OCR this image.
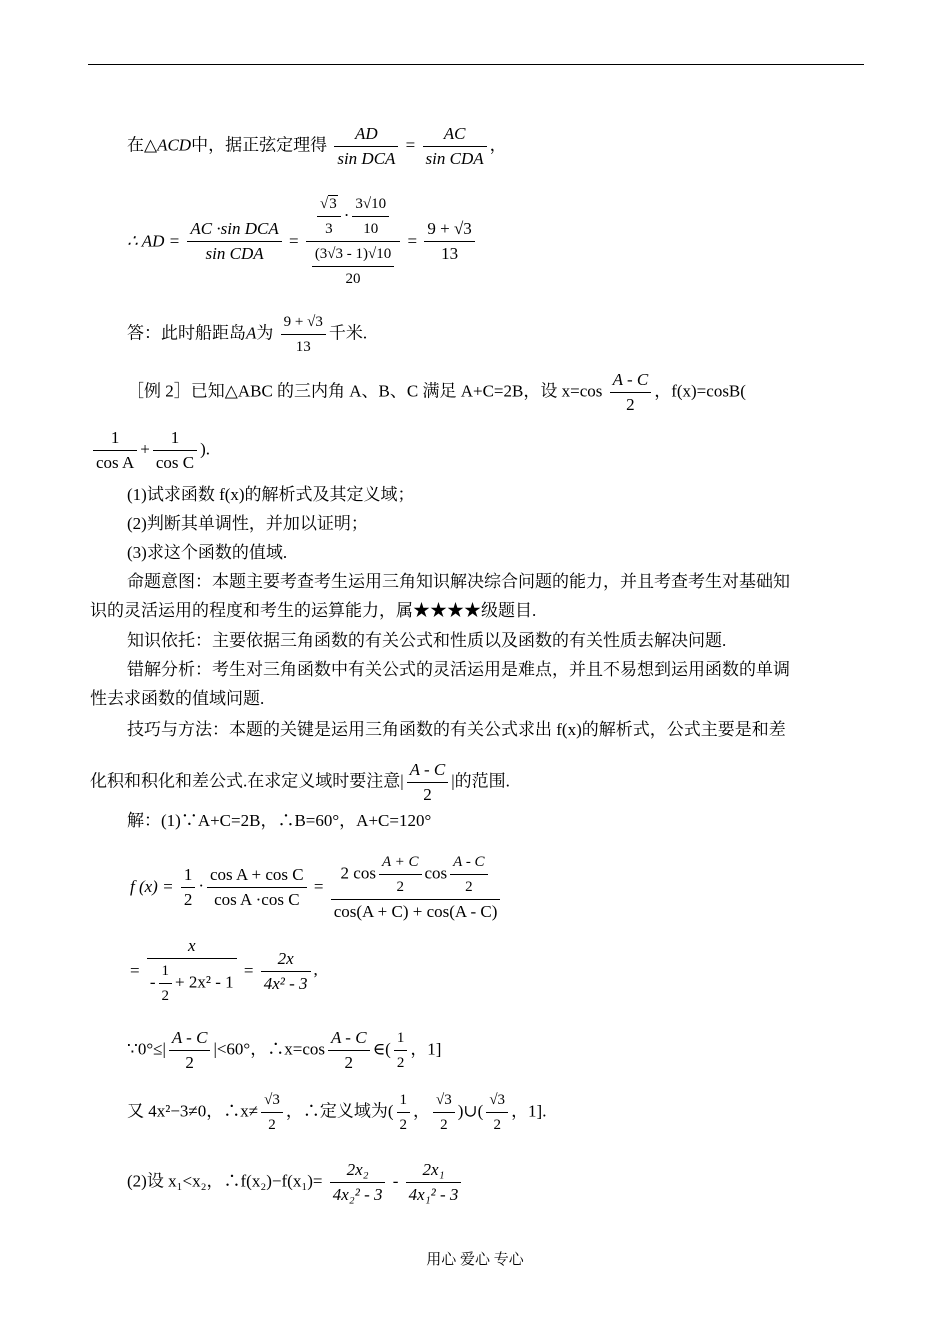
在△ACD中，据正弦定理得 $\frac{AD}{\text{sin DCA}} = \frac{AC}{\text{sin CDA}}$ ，
∴ AD = $\frac{\text{AC ·sin DCA}}{\text{sin CDA}} = \frac{\frac{√3}{3} \cdot \frac{3√10}{10}}{\frac{(3√3 - 1)√10}{20}} = \frac{9 + √3}{13}$
答：此时船距岛A为 $\frac{9 + √3}{13}$ 千米.
［例 2］已知△ABC 的三内角 A、B、C 满足 A+C=2B，设 $x=\cos \frac{A - C}{2}$ ，f(x)=cosB(
$\frac{1}{\text{cos A}} + \frac{1}{\text{cos C}}$ ).
(1)试求函数 f(x)的解析式及其定义域；
(2)判断其单调性，并加以证明；
(3)求这个函数的值域.
命题意图：本题主要考查考生运用三角知识解决综合问题的能力，并且考查考生对基础知
识的灵活运用的程度和考生的运算能力，属★★★★级题目.
知识依托：主要依据三角函数的有关公式和性质以及函数的有关性质去解决问题.
错解分析：考生对三角函数中有关公式的灵活运用是难点，并且不易想到运用函数的单调
性去求函数的值域问题.
技巧与方法：本题的关键是运用三角函数的有关公式求出 f(x)的解析式，公式主要是和差
化积和积化和差公式.在求定义域时要注意| $\frac{A - C}{2}$ |的范围.
解：(1)∵A+C=2B，∴B=60°，A+C=120°
f $(x) = \frac{1}{2} \cdot \frac{\text{cos A + cos C}}{\text{cos A ·cos C}} = \frac{2 \cos \frac{A + C}{2} \cos \frac{A - C}{2}}{\cos(A + C) + \cos(A - C)}$
= $\frac{x}{- \frac{1}{2} + 2x^2 - 1} = \frac{2x}{\text{4x² - 3}}$ ,
∵0°≤| $\frac{A - C}{2} |<60^\circ$，∴x=cos $\frac{A - C}{2}$ ∈( $\frac{1}{2}$ ，1]
又 4x²−3≠0，∴x≠ $\frac{√3}{2}$ ，∴定义域为( $\frac{1}{2}$ ， $\frac{√3}{2}$ )∪( $\frac{√3}{2}$ ，1].
(2)设 x₁<x₂，∴f(x₂)−f(x₁)= $\frac{\text{2x₂}}{\text{4x₂² - 3}} - \frac{\text{2x₁}}{\text{4x₁² - 3}}$
用心 爱心 专心
